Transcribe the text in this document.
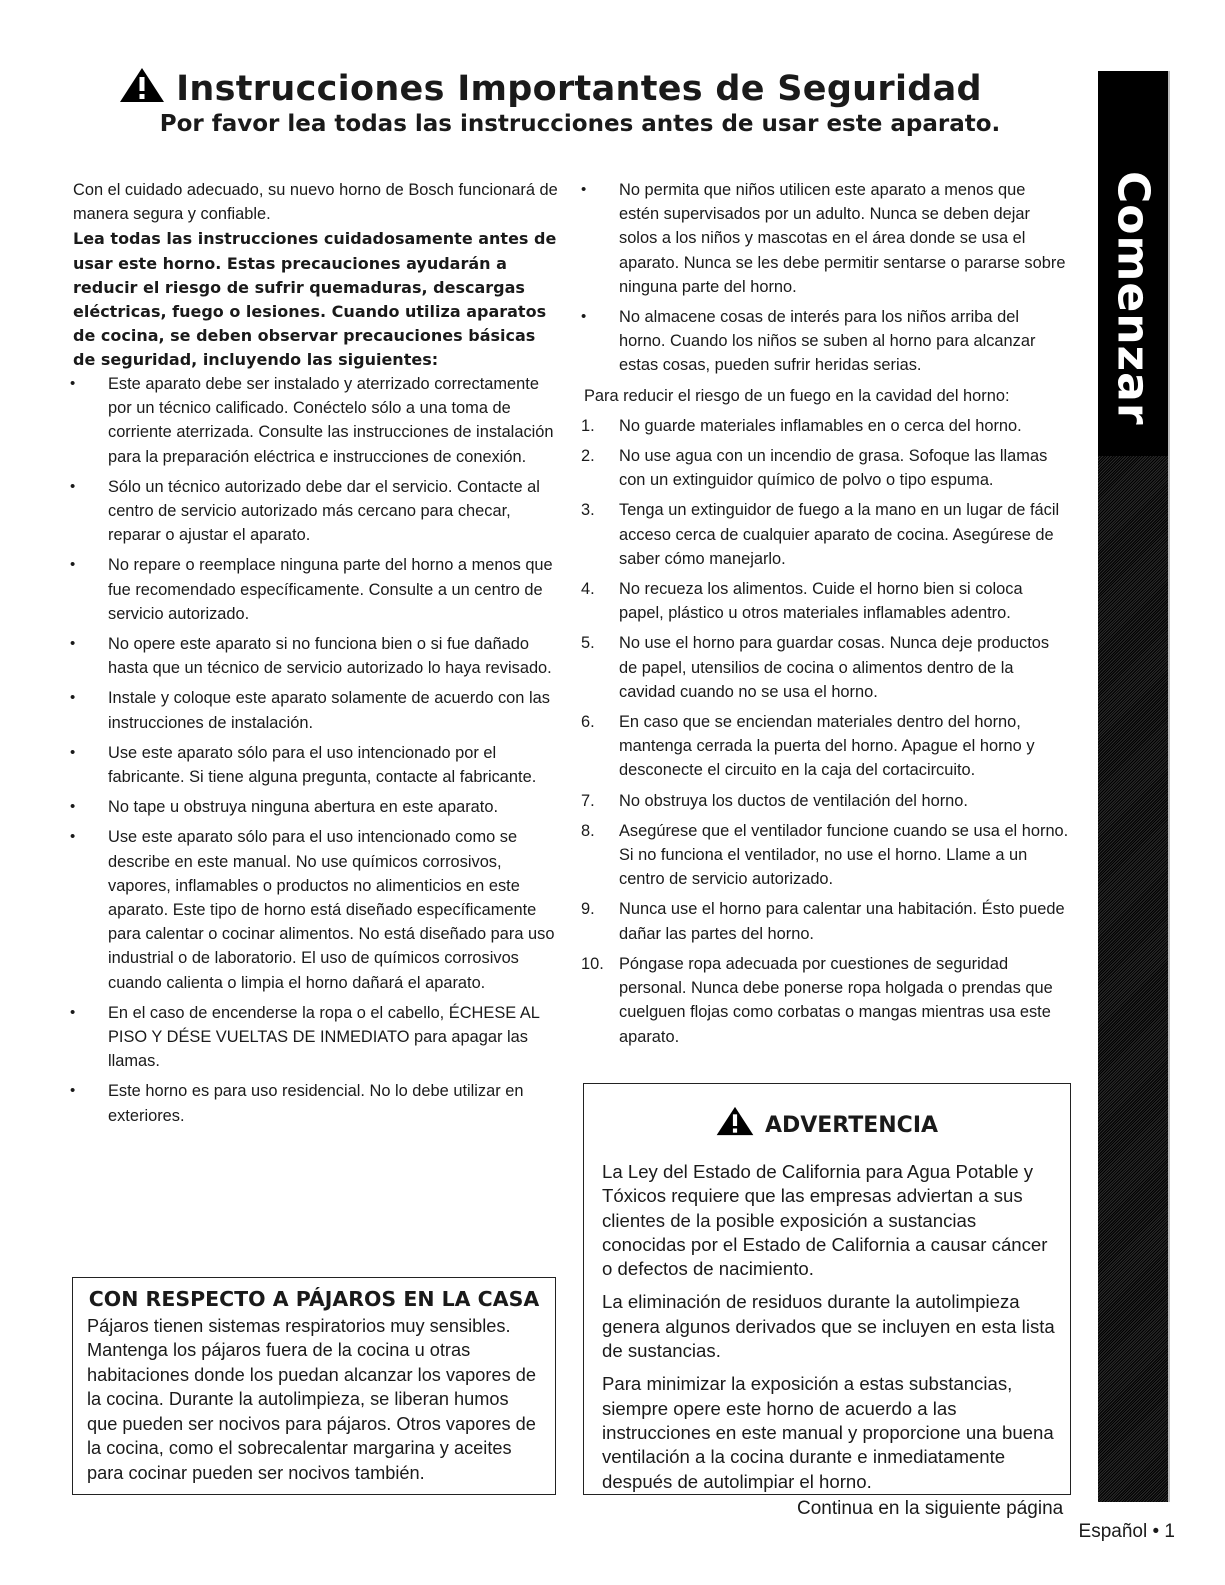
Instrucciones Importantes de Seguridad
Por favor lea todas las instrucciones antes de usar este aparato.

Con el cuidado adecuado, su nuevo horno de Bosch funcionará de manera segura y confiable.

Lea todas las instrucciones cuidadosamente antes de usar este horno. Estas precauciones ayudarán a reducir el riesgo de sufrir quemaduras, descargas eléctricas, fuego o lesiones. Cuando utiliza aparatos de cocina, se deben observar precauciones básicas de seguridad, incluyendo las siguientes:

• Este aparato debe ser instalado y aterrizado correctamente por un técnico calificado. Conéctelo sólo a una toma de corriente aterrizada. Consulte las instrucciones de instalación para la preparación eléctrica e instrucciones de conexión.
• Sólo un técnico autorizado debe dar el servicio. Contacte al centro de servicio autorizado más cercano para checar, reparar o ajustar el aparato.
• No repare o reemplace ninguna parte del horno a menos que fue recomendado específicamente. Consulte a un centro de servicio autorizado.
• No opere este aparato si no funciona bien o si fue dañado hasta que un técnico de servicio autorizado lo haya revisado.
• Instale y coloque este aparato solamente de acuerdo con las instrucciones de instalación.
• Use este aparato sólo para el uso intencionado por el fabricante. Si tiene alguna pregunta, contacte al fabricante.
• No tape u obstruya ninguna abertura en este aparato.
• Use este aparato sólo para el uso intencionado como se describe en este manual. No use químicos corrosivos, vapores, inflamables o productos no alimenticios en este aparato. Este tipo de horno está diseñado específicamente para calentar o cocinar alimentos. No está diseñado para uso industrial o de laboratorio. El uso de químicos corrosivos cuando calienta o limpia el horno dañará el aparato.
• En el caso de encenderse la ropa o el cabello, ÉCHESE AL PISO Y DÉSE VUELTAS DE INMEDIATO para apagar las llamas.
• Este horno es para uso residencial. No lo debe utilizar en exteriores.
CON RESPECTO A PÁJAROS EN LA CASA
Pájaros tienen sistemas respiratorios muy sensibles. Mantenga los pájaros fuera de la cocina u otras habitaciones donde los puedan alcanzar los vapores de la cocina. Durante la autolimpieza, se liberan humos que pueden ser nocivos para pájaros. Otros vapores de la cocina, como el sobrecalentar margarina y aceites para cocinar pueden ser nocivos también.
• No permita que niños utilicen este aparato a menos que estén supervisados por un adulto. Nunca se deben dejar solos a los niños y mascotas en el área donde se usa el aparato. Nunca se les debe permitir sentarse o pararse sobre ninguna parte del horno.
• No almacene cosas de interés para los niños arriba del horno. Cuando los niños se suben al horno para alcanzar estas cosas, pueden sufrir heridas serias.

Para reducir el riesgo de un fuego en la cavidad del horno:

1. No guarde materiales inflamables en o cerca del horno.
2. No use agua con un incendio de grasa. Sofoque las llamas con un extinguidor químico de polvo o tipo espuma.
3. Tenga un extinguidor de fuego a la mano en un lugar de fácil acceso cerca de cualquier aparato de cocina. Asegúrese de saber cómo manejarlo.
4. No recueza los alimentos. Cuide el horno bien si coloca papel, plástico u otros materiales inflamables adentro.
5. No use el horno para guardar cosas. Nunca deje productos de papel, utensilios de cocina o alimentos dentro de la cavidad cuando no se usa el horno.
6. En caso que se enciendan materiales dentro del horno, mantenga cerrada la puerta del horno. Apague el horno y desconecte el circuito en la caja del cortacircuito.
7. No obstruya los ductos de ventilación del horno.
8. Asegúrese que el ventilador funcione cuando se usa el horno. Si no funciona el ventilador, no use el horno. Llame a un centro de servicio autorizado.
9. Nunca use el horno para calentar una habitación. Ésto puede dañar las partes del horno.
10. Póngase ropa adecuada por cuestiones de seguridad personal. Nunca debe ponerse ropa holgada o prendas que cuelguen flojas como corbatas o mangas mientras usa este aparato.
ADVERTENCIA

La Ley del Estado de California para Agua Potable y Tóxicos requiere que las empresas adviertan a sus clientes de la posible exposición a sustancias conocidas por el Estado de California a causar cáncer o defectos de nacimiento.

La eliminación de residuos durante la autolimpieza genera algunos derivados que se incluyen en esta lista de sustancias.

Para minimizar la exposición a estas substancias, siempre opere este horno de acuerdo a las instrucciones en este manual y proporcione una buena ventilación a la cocina durante e inmediatamente después de autolimpiar el horno.

Continua en la siguiente página
Español • 1
Comenzar
